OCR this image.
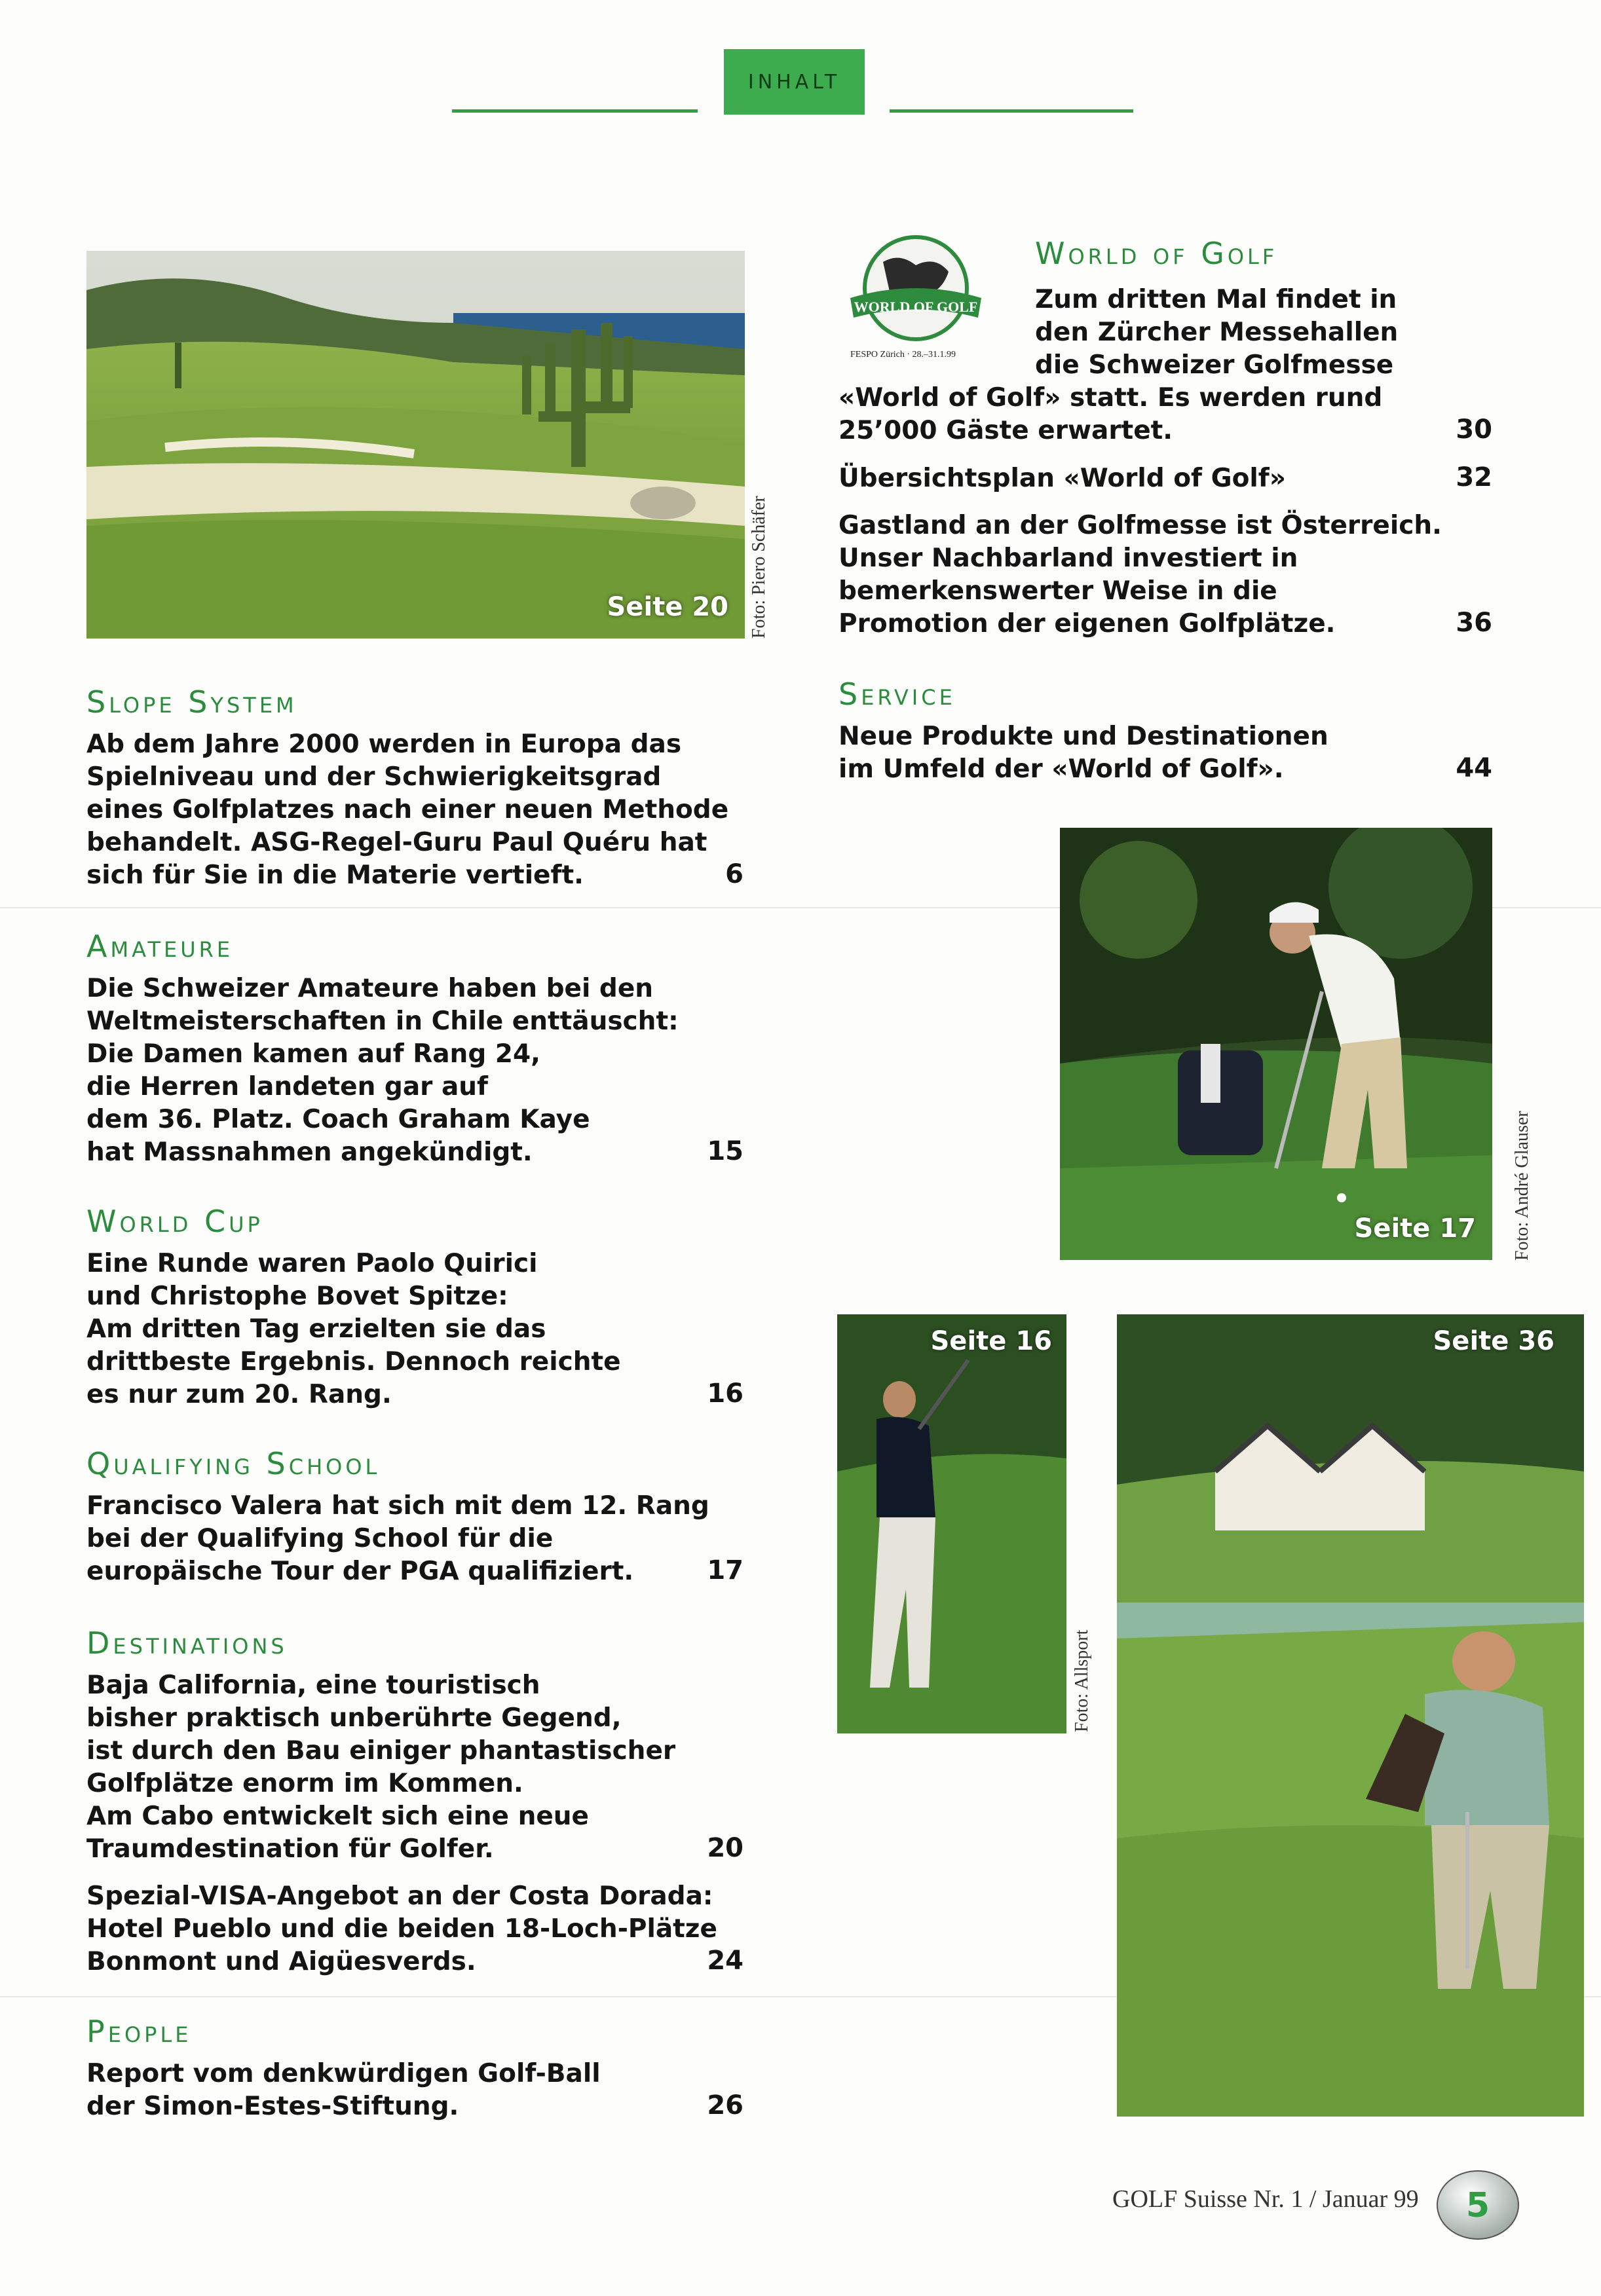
INHALT
Seite 20 Foto: Piero Schäfer
WORLD OF GOLF
FESPO Zürich · 28.–31.1.99
World of Golf
Zum dritten Mal findet in
den Zürcher Messehallen
die Schweizer Golfmesse
«World of Golf» statt. Es werden rund
25’000 Gäste erwartet.	30
Übersichtsplan «World of Golf»	32
Gastland an der Golfmesse ist Österreich.
Unser Nachbarland investiert in
bemerkenswerter Weise in die
Promotion der eigenen Golfplätze.	36
Service
Neue Produkte und Destinationen
im Umfeld der «World of Golf».	44
Slope System
Ab dem Jahre 2000 werden in Europa das
Spielniveau und der Schwierigkeitsgrad
eines Golfplatzes nach einer neuen Methode
behandelt. ASG-Regel-Guru Paul Quéru hat
sich für Sie in die Materie vertieft.	6
Amateure
Die Schweizer Amateure haben bei den
Weltmeisterschaften in Chile enttäuscht:
Die Damen kamen auf Rang 24,
die Herren landeten gar auf
dem 36. Platz. Coach Graham Kaye
hat Massnahmen angekündigt.	15
World Cup
Eine Runde waren Paolo Quirici
und Christophe Bovet Spitze:
Am dritten Tag erzielten sie das
drittbeste Ergebnis. Dennoch reichte
es nur zum 20. Rang.	16
Qualifying School
Francisco Valera hat sich mit dem 12. Rang
bei der Qualifying School für die
europäische Tour der PGA qualifiziert.	17
Destinations
Baja California, eine touristisch
bisher praktisch unberührte Gegend,
ist durch den Bau einiger phantastischer
Golfplätze enorm im Kommen.
Am Cabo entwickelt sich eine neue
Traumdestination für Golfer.	20
Spezial-VISA-Angebot an der Costa Dorada:
Hotel Pueblo und die beiden 18-Loch-Plätze
Bonmont und Aigüesverds.	24
People
Report vom denkwürdigen Golf-Ball
der Simon-Estes-Stiftung.	26
Seite 17 Foto: André Glauser
Seite 16
Foto: Allsport
Seite 36
GOLF Suisse Nr. 1 / Januar 99 5
